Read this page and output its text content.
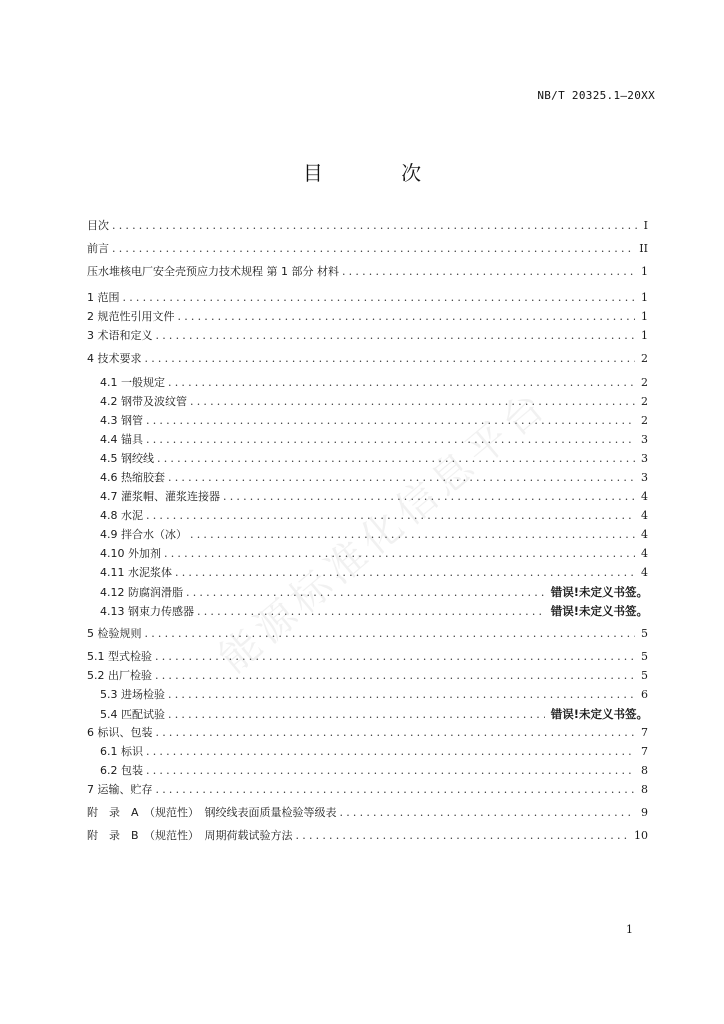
NB/T 20325.1—20XX
目 次
目次 .....	I
前言 .....	II
压水堆核电厂安全壳预应力技术规程 第 1 部分 材料 .....	1
1 范围 .....	1
2 规范性引用文件 .....	1
3 术语和定义 .....	1
4 技术要求 .....	2
4.1 一般规定 .....	2
4.2 钢带及波纹管 .....	2
4.3 钢管 .....	2
4.4 锚具 .....	3
4.5 钢绞线 .....	3
4.6 热缩胶套 .....	3
4.7 灌浆帽、灌浆连接器 .....	4
4.8 水泥 .....	4
4.9 拌合水（冰） .....	4
4.10 外加剂 .....	4
4.11 水泥浆体 .....	4
4.12 防腐润滑脂 .....	错误!未定义书签。
4.13 钢束力传感器 .....	错误!未定义书签。
5 检验规则 .....	5
5.1 型式检验 .....	5
5.2 出厂检验 .....	5
5.3 进场检验 .....	6
5.4 匹配试验 .....	错误!未定义书签。
6 标识、包装 .....	7
6.1 标识 .....	7
6.2 包装 .....	8
7 运输、贮存 .....	8
附　录　A　（规范性）　钢绞线表面质量检验等级表 .....	9
附　录　B　（规范性）　周期荷载试验方法 .....	10
能源标准化信息平台
1
